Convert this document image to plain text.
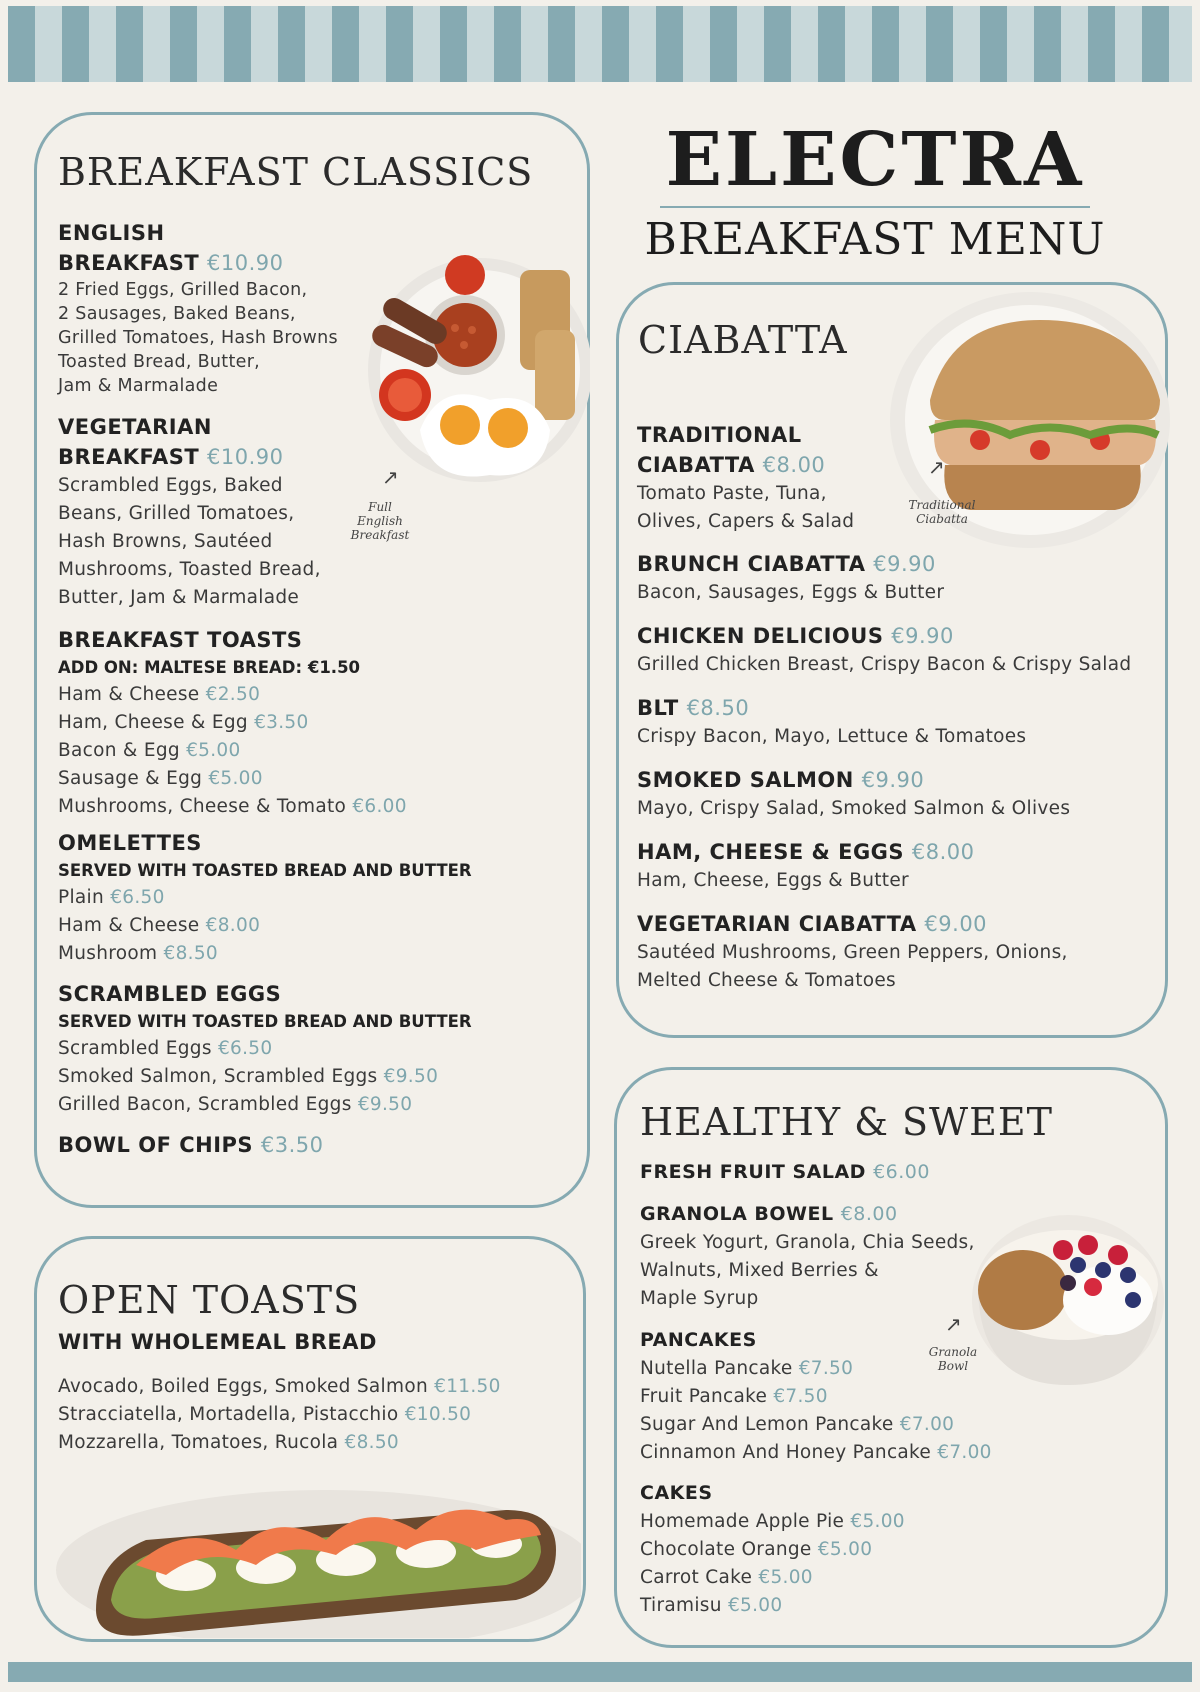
ELECTRA
BREAKFAST MENU
BREAKFAST CLASSICS
↗
Full
English
Breakfast
ENGLISH
BREAKFAST €10.90
2 Fried Eggs, Grilled Bacon,
2 Sausages, Baked Beans,
Grilled Tomatoes, Hash Browns
Toasted Bread, Butter,
Jam & Marmalade
VEGETARIAN
BREAKFAST €10.90
Scrambled Eggs, Baked
Beans, Grilled Tomatoes,
Hash Browns, Sautéed
Mushrooms, Toasted Bread,
Butter, Jam & Marmalade
BREAKFAST TOASTS
ADD ON: MALTESE BREAD: €1.50
Ham & Cheese €2.50
Ham, Cheese & Egg €3.50
Bacon & Egg €5.00
Sausage & Egg €5.00
Mushrooms, Cheese & Tomato €6.00
OMELETTES
SERVED WITH TOASTED BREAD AND BUTTER
Plain €6.50
Ham & Cheese €8.00
Mushroom €8.50
SCRAMBLED EGGS
SERVED WITH TOASTED BREAD AND BUTTER
Scrambled Eggs €6.50
Smoked Salmon, Scrambled Eggs €9.50
Grilled Bacon, Scrambled Eggs €9.50
BOWL OF CHIPS €3.50
OPEN TOASTS
WITH WHOLEMEAL BREAD
Avocado, Boiled Eggs, Smoked Salmon €11.50
Stracciatella, Mortadella, Pistacchio €10.50
Mozzarella, Tomatoes, Rucola €8.50
CIABATTA
↗
Traditional
Ciabatta
TRADITIONAL
CIABATTA €8.00
Tomato Paste, Tuna,
Olives, Capers & Salad
BRUNCH CIABATTA €9.90
Bacon, Sausages, Eggs & Butter
CHICKEN DELICIOUS €9.90
Grilled Chicken Breast, Crispy Bacon & Crispy Salad
BLT €8.50
Crispy Bacon, Mayo, Lettuce & Tomatoes
SMOKED SALMON €9.90
Mayo, Crispy Salad, Smoked Salmon & Olives
HAM, CHEESE & EGGS €8.00
Ham, Cheese, Eggs & Butter
VEGETARIAN CIABATTA €9.00
Sautéed Mushrooms, Green Peppers, Onions,
Melted Cheese & Tomatoes
HEALTHY & SWEET
FRESH FRUIT SALAD €6.00
GRANOLA BOWEL €8.00
Greek Yogurt, Granola, Chia Seeds,
Walnuts, Mixed Berries &
Maple Syrup
↗
Granola
Bowl
PANCAKES
Nutella Pancake €7.50
Fruit Pancake €7.50
Sugar And Lemon Pancake €7.00
Cinnamon And Honey Pancake €7.00
CAKES
Homemade Apple Pie €5.00
Chocolate Orange €5.00
Carrot Cake €5.00
Tiramisu €5.00
